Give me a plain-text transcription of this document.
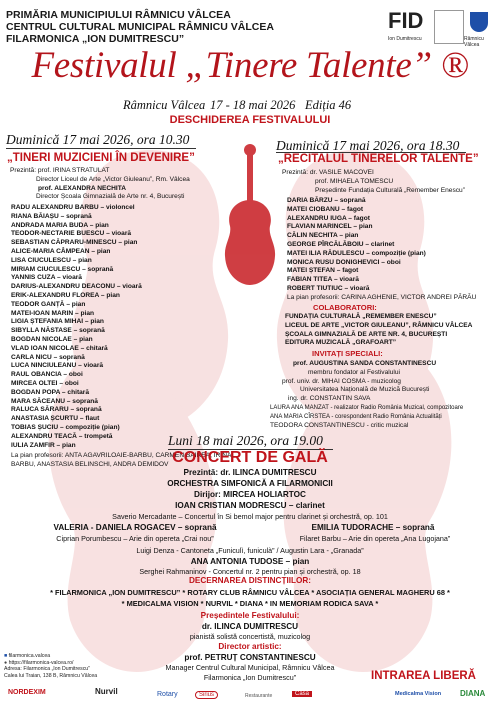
PRIMĂRIA MUNICIPIULUI RÂMNICU VÂLCEA
CENTRUL CULTURAL MUNICIPAL RÂMNICU VÂLCEA
FILARMONICA „ION DUMITRESCU”
FID
Ion Dumitrescu	Râmnicu Vâlcea
Festivalul „Tinere Talente” ®
Râmnicu Vâlcea 17 - 18 mai 2026 Ediția 46
DESCHIDEREA FESTIVALULUI
Duminică 17 mai 2026, ora 10.30
„TINERI MUZICIENI ÎN DEVENIRE”
Prezintă: prof. IRINA STRATULAT
Director Liceul de Arte „Victor Giuleanu”, Rm. Vâlcea
prof. ALEXANDRA NECHITA
Director Școala Gimnazială de Arte nr. 4, București
RADU ALEXANDRU BARBU – violoncel
RIANA BĂIAȘU – soprană
ANDRADA MARIA BUDA – pian
TEODOR-NECTARIE BUESCU – vioară
SEBASTIAN CĂPRARU-MINESCU – pian
ALICE-MARIA CÂMPEAN – pian
LISA CIUCULESCU – pian
MIRIAM CIUCULESCU – soprană
YANNIS CUZA – vioară
DARIUS-ALEXANDRU DEACONU – vioară
ERIK-ALEXANDRU FLOREA – pian
TEODOR GANȚĂ – pian
MATEI-IOAN MARIN – pian
LIGIA ȘTEFANIA MIHAI – pian
SIBYLLA NĂSTASE – soprană
BOGDAN NICOLAE – pian
VLAD IOAN NICOLAE – chitară
CARLA NICU – soprană
LUCA NINCIULEANU – vioară
RAUL OBANCIA – oboi
MIRCEA OLTEI – oboi
BOGDAN POPA – chitară
MARA SĂCEANU – soprană
RALUCA SĂRARU – soprană
ANASTASIA ȘCURTU – flaut
TOBIAS ȘUCIU – compoziție (pian)
ALEXANDRU TEACĂ – trompetă
IULIA ZAMFIR – pian
La pian profesorii: ANTA AGAVRILOAIE-BARBU, CARMEN BAIREA, IRINA BARBU, ANASTASIA BELINSCHI, ANDRA DEMIDOV
Duminică 17 mai 2026, ora 18.30
„RECITALUL TINERELOR TALENTE”
Prezintă: dr. VASILE MACOVEI
prof. MIHAELA TOMESCU
Președinte Fundația Culturală „Remember Enescu”
DARIA BĂRZU – soprană
MATEI CIOBANU – fagot
ALEXANDRU IUGA – fagot
FLAVIAN MARINCEL – pian
CĂLIN NECHITA – pian
GEORGE PÎRCĂLĂBOIU – clarinet
MATEI ILIA RĂDULESCU – compoziție (pian)
MONICA RUSU DONIGHEVICI – oboi
MATEI ȘTEFAN – fagot
FABIAN TITEA – vioară
ROBERT TIUTIUC – vioară
La pian profesorii: CARINA AGHENIE, VICTOR ANDREI PĂRĂU
COLABORATORI:
FUNDAȚIA CULTURALĂ „REMEMBER ENESCU”
LICEUL DE ARTE „VICTOR GIULEANU”, RÂMNICU VÂLCEA
ȘCOALA GIMNAZIALĂ DE ARTE NR. 4, BUCUREȘTI
EDITURA MUZICALĂ „GRAFOART”
INVITAȚI SPECIALI:
prof. AUGUSTINA SANDA CONSTANTINESCU
membru fondator al Festivalului
prof. univ. dr. MIHAI COSMA - muzicolog
Universitatea Națională de Muzică București
ing. dr. CONSTANTIN SAVA
LAURA ANA MANZAT - realizator Radio România Muzical, compozitoare
ANA MARIA CÎRSTEA - corespondent Radio România Actualități
TEODORA CONSTANTINESCU - critic muzical
Luni 18 mai 2026, ora 19.00
CONCERT DE GALĂ
Prezintă: dr. ILINCA DUMITRESCU
ORCHESTRA SIMFONICĂ A FILARMONICII
Dirijor: MIRCEA HOLIARTOC
IOAN CRISTIAN MODRESCU – clarinet
Saverio Mercadante – Concertul în Si bemol major pentru clarinet și orchestră, op. 101
VALERIA - DANIELA ROGACEV – soprană	EMILIA TUDORACHE – soprană
Ciprian Porumbescu – Arie din opereta „Crai nou”	Filaret Barbu – Arie din opereta „Ana Lugojana”
Luigi Denza - Cantoneta „Funiculì, funiculà” / Augustin Lara - „Granada”
ANA ANTONIA TUDOSE – pian
Serghei Rahmaninov - Concertul nr. 2 pentru pian și orchestră, op. 18
DECERNAREA DISTINCȚIILOR:
* FILARMONICA „ION DUMITRESCU” * ROTARY CLUB RÂMNICU VÂLCEA * ASOCIAȚIA GENERAL MAGHERU 68 *
* MEDICALMA VISION * NURVIL * DIANA * IN MEMORIAM RODICA SAVA *
Președintele Festivalului:
dr. ILINCA DUMITRESCU
pianistă solistă concertistă, muzicolog
Director artistic:
prof. PETRUȚ CONSTANTINESCU
Manager Centrul Cultural Municipal, Râmnicu Vâlcea
Filarmonica „Ion Dumitrescu”
■ filarmonica.valcea
● https://filarmonica-valcea.ro/
Adresa: Filarmonica „Ion Dumitrescu”
Calea lui Traian, 138 B, Râmnicu Vâlcea	INTRAREA LIBERĂ
NORDEXIM	Nurvil	Rotary	Sirius	Restaurante	Casa	Medicalma Vision DIANA
